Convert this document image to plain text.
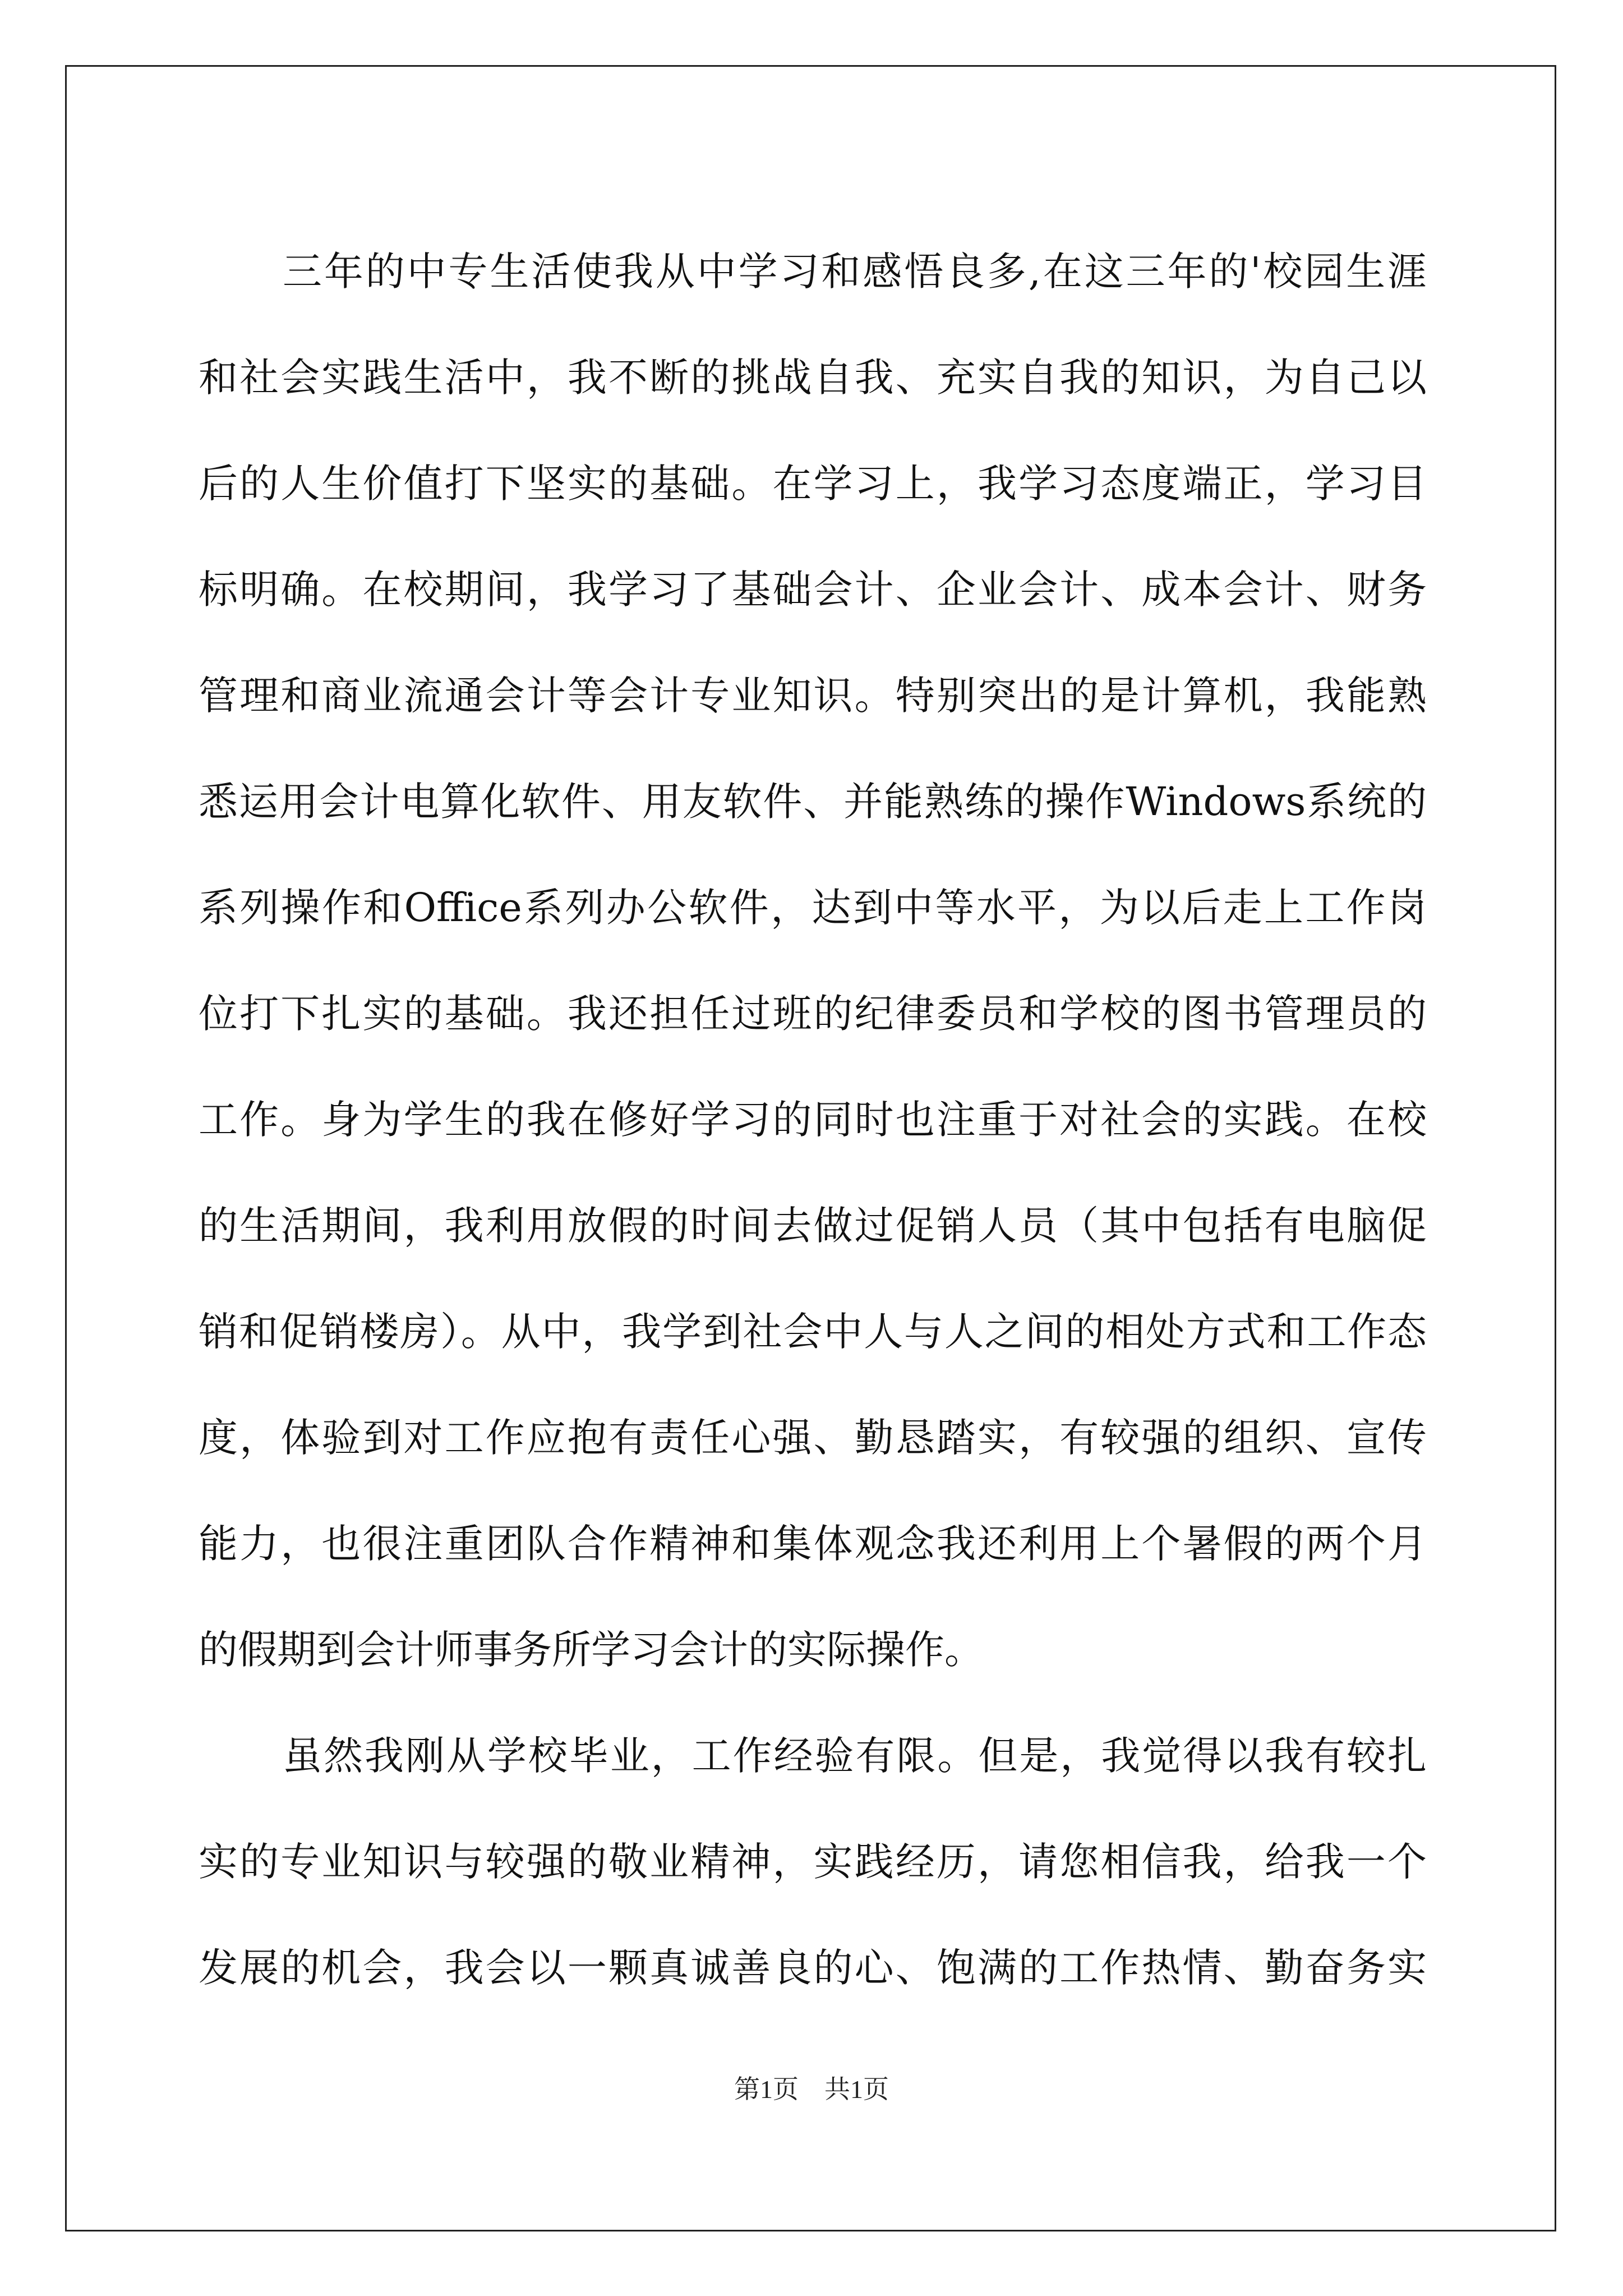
三年的中专生活使我从中学习和感悟良多,在这三年的'校园生涯
和社会实践生活中，我不断的挑战自我、充实自我的知识，为自己以
后的人生价值打下坚实的基础。在学习上，我学习态度端正，学习目
标明确。在校期间，我学习了基础会计、企业会计、成本会计、财务
管理和商业流通会计等会计专业知识。特别突出的是计算机，我能熟
悉运用会计电算化软件、用友软件、并能熟练的操作Windows系统的
系列操作和Office系列办公软件，达到中等水平，为以后走上工作岗
位打下扎实的基础。我还担任过班的纪律委员和学校的图书管理员的
工作。身为学生的我在修好学习的同时也注重于对社会的实践。在校
的生活期间，我利用放假的时间去做过促销人员（其中包括有电脑促
销和促销楼房）。从中，我学到社会中人与人之间的相处方式和工作态
度，体验到对工作应抱有责任心强、勤恳踏实，有较强的组织、宣传
能力，也很注重团队合作精神和集体观念我还利用上个暑假的两个月
的假期到会计师事务所学习会计的实际操作。
虽然我刚从学校毕业，工作经验有限。但是，我觉得以我有较扎
实的专业知识与较强的敬业精神，实践经历，请您相信我，给我一个
发展的机会，我会以一颗真诚善良的心、饱满的工作热情、勤奋务实
第1页　共1页
